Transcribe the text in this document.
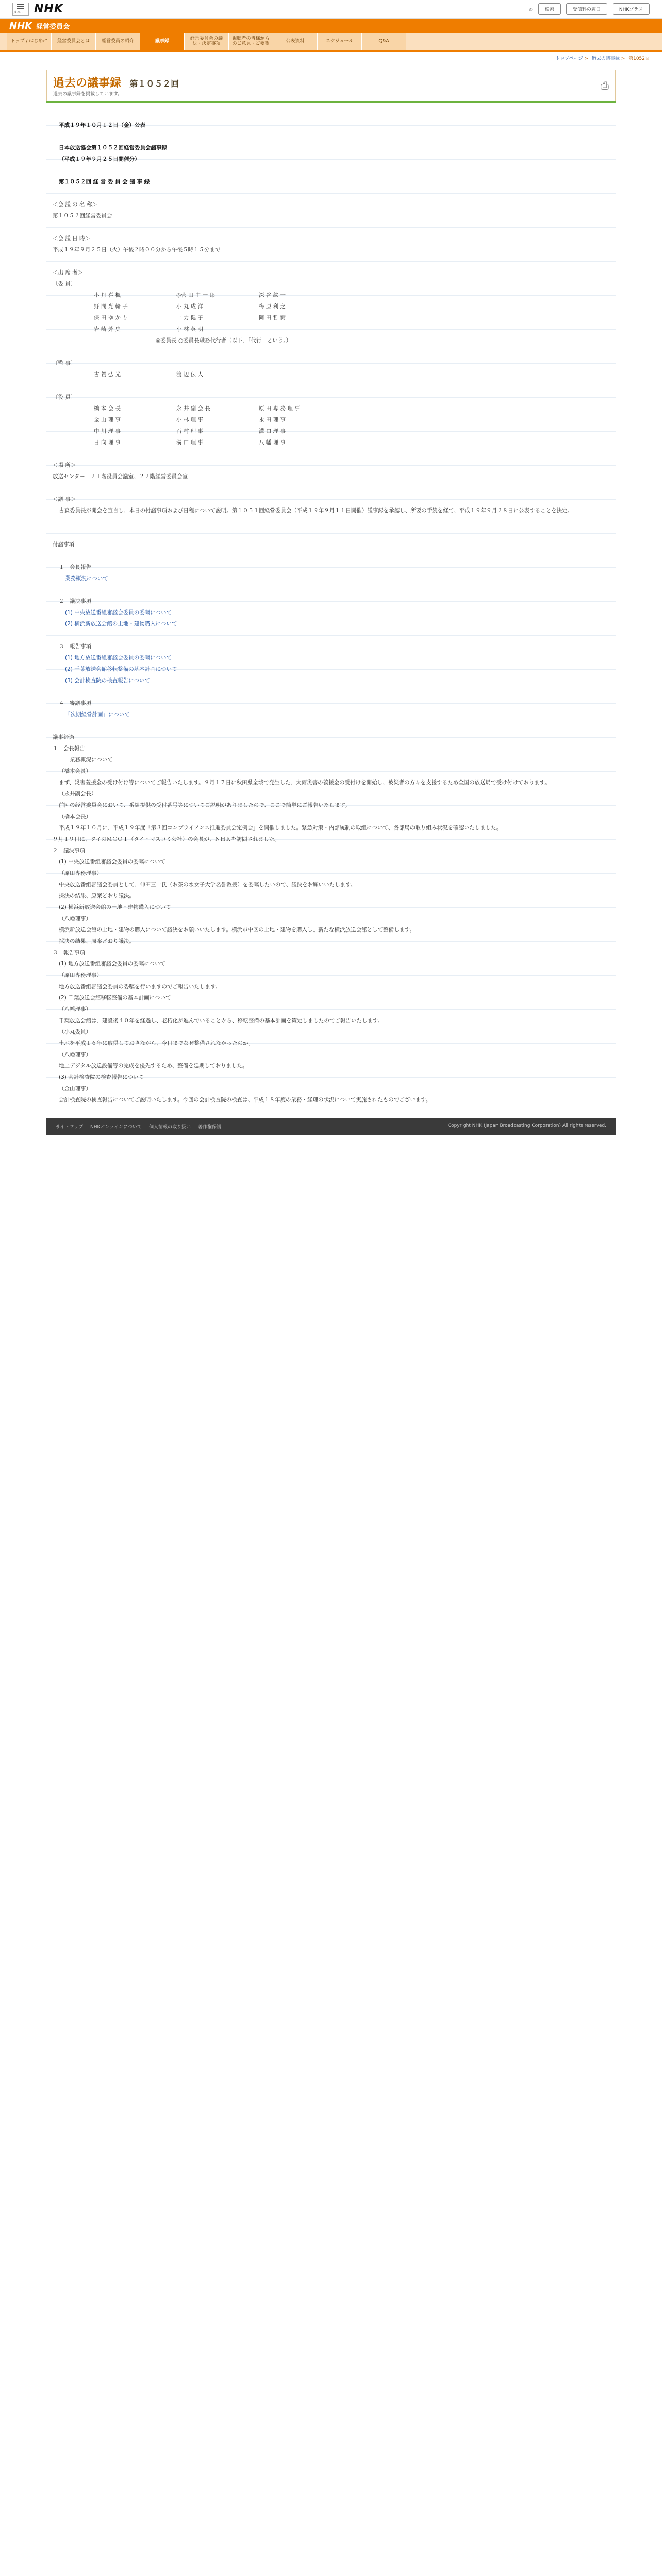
メニュー NHK	⌕	検索	受信料の窓口	NHKプラス
NHK 経営委員会
トップ / はじめに	経営委員会とは	経営委員の紹介	議事録	経営委員会の議決・決定事項
視聴者の皆様からのご意見・ご要望	公表資料	スケジュール	Q&A
トップページ > 過去の議事録 > 第1052回
過去の議事録
過去の議事録を掲載しています。
第１０５２回	⎙
平成１９年１０月１２日（金）公表
日本放送協会第１０５２回経営委員会議事録
（平成１９年９月２５日開催分）
第１０５２回 経 営 委 員 会 議 事 録
＜会 議 の 名 称＞
第１０５２回経営委員会
＜会 議 日 時＞
平成１９年９月２５日（火）午後２時００分から午後５時１５分まで
＜出 席 者＞
〔委 員〕
小 丹 喜 楓	◎菅 田 由 一 郎	深 谷 紘 一
野 間 光 輪 子	小 丸 成 洋	梅 原 利 之
保 田 ゆ か り	一 力 健 子	岡 田 哲 爾
岩 崎 芳 史	小 林 英 明
◎委員長 ○委員長職務代行者（以下、「代行」という。）
〔監 事〕
古 賀 弘 光	渡 辺 伝 人
〔役 員〕
橋 本 会 長	永 井 副 会 長	原 田 専 務 理 事
金 山 理 事	小 林 理 事	永 田 理 事
中 川 理 事	石 村 理 事	溝 口 理 事
日 向 理 事	溝 口 理 事	八 幡 理 事
＜場 所＞
放送センター　２１階役員会議室、２２階経営委員会室
＜議 事＞
古森委員長が開会を宣言し、本日の付議事項および日程について説明。第１０５１回経営委員会（平成１９年９月１１日開催）議事録を承認し、所要の手続を経て、平成１９年９月２８日に公表することを決定。
付議事項
１　会長報告
業務概況について
２　議決事項
(1) 中央放送番組審議会委員の委嘱について
(2) 横浜新放送会館の土地・建物購入について
３　報告事項
(1) 地方放送番組審議会委員の委嘱について
(2) 千葉放送会館移転整備の基本計画について
(3) 会計検査院の検査報告について
４　審議事項
「次期経営計画」について
議事経過
１　会長報告
　　業務概況について
（橋本会長）
まず、災害義援金の受け付け等についてご報告いたします。９月１７日に秋田県全域で発生した、大雨災害の義援金の受付けを開始し、被災者の方々を支援するため全国の放送局で受け付けております。
（永井副会長）
前回の経営委員会において、番組提供の受付番号等についてご説明がありましたので、ここで簡単にご報告いたします。
（橋本会長）
平成１９年１０月に、平成１９年度「第３回コンプライアンス推進委員会定例会」を開催しました。緊急対策・内部統制の取組について、各部局の取り組み状況を確認いたしました。
９月１９日に、タイのＭＣＯＴ（タイ・マスコミ公社）の会長が、ＮＨＫを訪問されました。
２　議決事項
(1) 中央放送番組審議会委員の委嘱について
（原田専務理事）
中央放送番組審議会委員として、伸田三一氏（お茶の水女子大学名誉教授）を委嘱したいので、議決をお願いいたします。
採決の結果、原案どおり議決。
(2) 横浜新放送会館の土地・建物購入について
（八幡理事）
横浜新放送会館の土地・建物の購入について議決をお願いいたします。横浜市中区の土地・建物を購入し、新たな横浜放送会館として整備します。
採決の結果、原案どおり議決。
３　報告事項
(1) 地方放送番組審議会委員の委嘱について
（原田専務理事）
地方放送番組審議会委員の委嘱を行いますのでご報告いたします。
(2) 千葉放送会館移転整備の基本計画について
（八幡理事）
千葉放送会館は、建設後４０年を経過し、老朽化が進んでいることから、移転整備の基本計画を策定しましたのでご報告いたします。
（小丸委員）
土地を平成１６年に取得しておきながら、今日までなぜ整備されなかったのか。
（八幡理事）
地上デジタル放送設備等の完成を優先するため、整備を延期しておりました。
(3) 会計検査院の検査報告について
（金山理事）
会計検査院の検査報告についてご説明いたします。今回の会計検査院の検査は、平成１８年度の業務・経理の状況について実施されたものでございます。
サイトマップ NHKオンラインについて 個人情報の取り扱い 著作権保護	Copyright NHK (Japan Broadcasting Corporation) All rights reserved.
